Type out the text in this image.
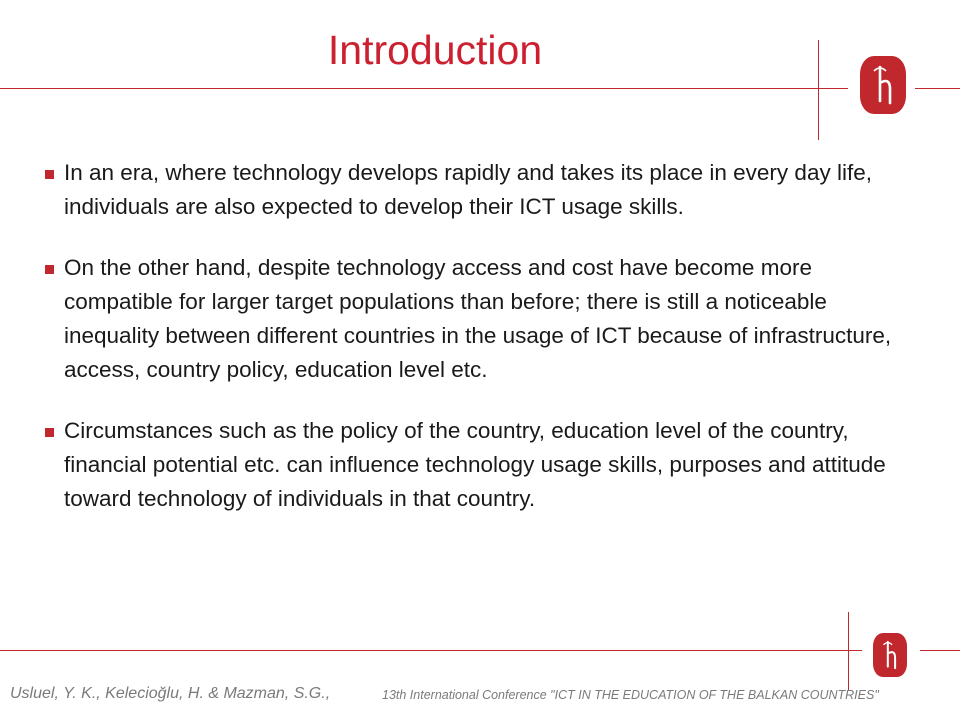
Introduction
In an era, where technology develops rapidly and takes its place in every day life, individuals are also expected to develop their ICT usage skills.
On the other hand, despite technology access and cost have become more compatible for larger target populations than before; there is still a noticeable inequality between different countries in the usage of ICT because of infrastructure, access, country policy, education level etc.
Circumstances such as the policy of the country, education level of the country, financial potential etc. can influence technology usage skills, purposes and attitude toward technology of individuals in that country.
Usluel, Y. K., Kelecioğlu, H. & Mazman, S.G.,	13th International Conference "ICT IN THE EDUCATION OF THE BALKAN COUNTRIES"
